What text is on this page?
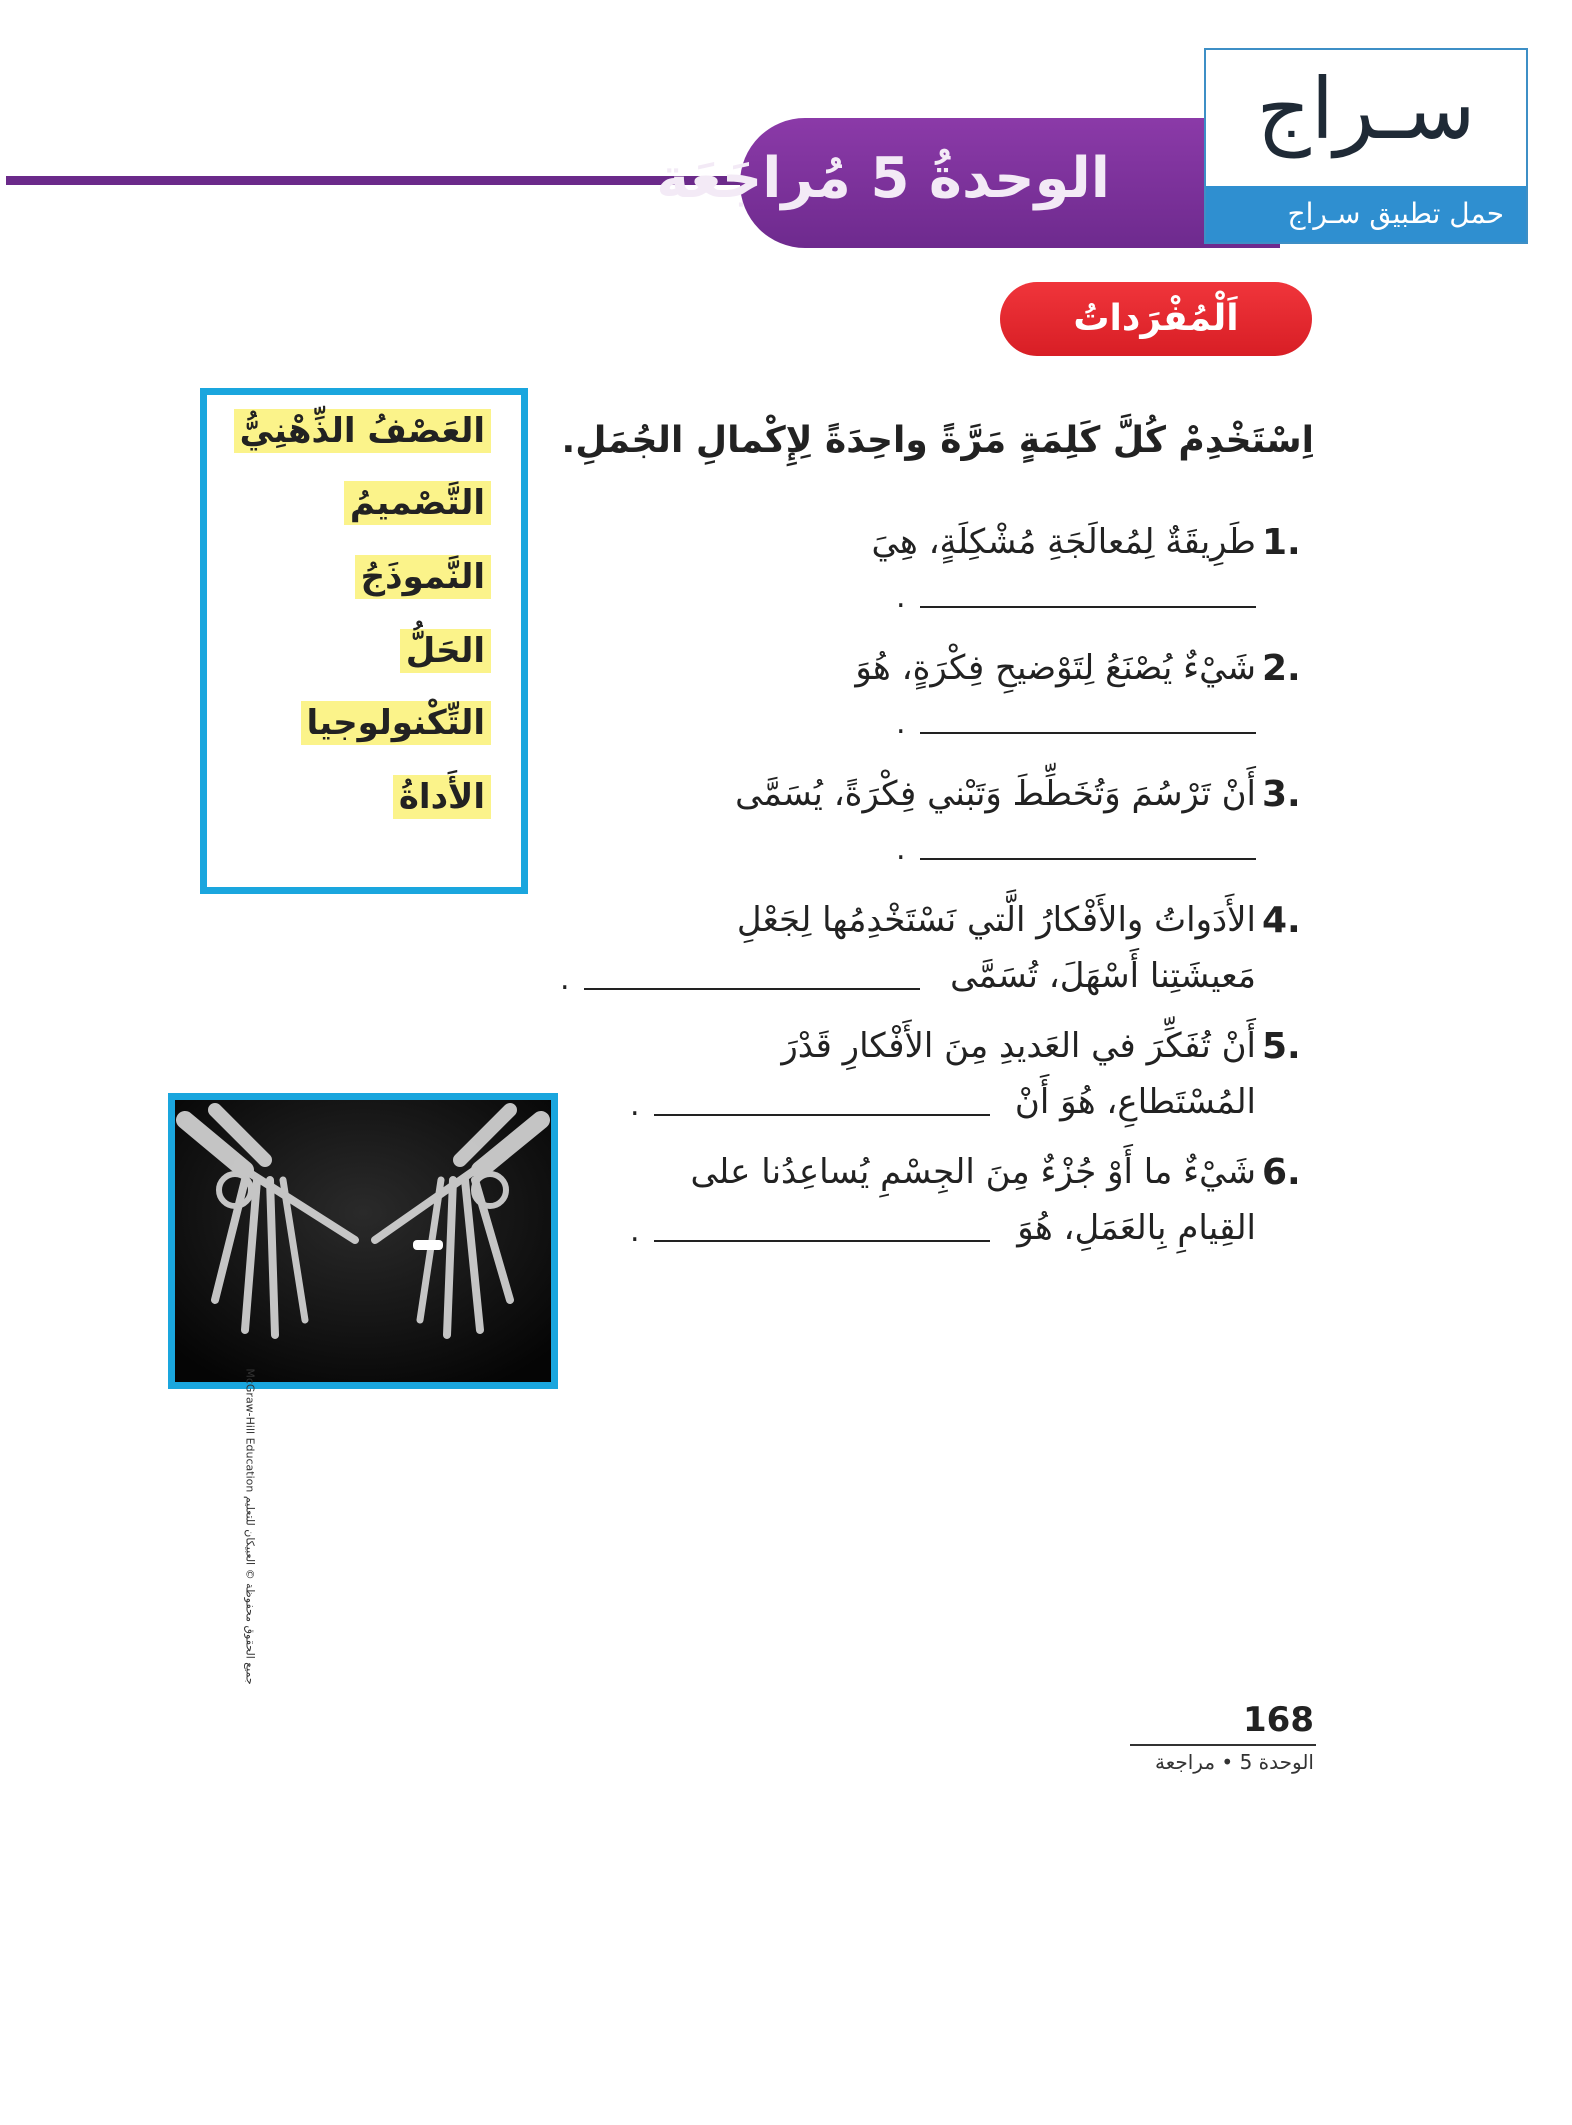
الوحدةُ 5 مُراجَعَة
سـراج
حمل تطبيق سـراج
اَلْمُفْرَداتُ
العَصْفُ الذِّهْنِيُّ
التَّصْميمُ
النَّموذَجُ
الحَلُّ
التِّكْنولوجيا
الأَداةُ
اِسْتَخْدِمْ كُلَّ كَلِمَةٍ مَرَّةً واحِدَةً لِإِكْمالِ الجُمَلِ.
1.
طَرِيقَةٌ لِمُعالَجَةِ مُشْكِلَةٍ، هِيَ
.
2.
شَيْءٌ يُصْنَعُ لِتَوْضيحِ فِكْرَةٍ، هُوَ
.
3.
أَنْ تَرْسُمَ وَتُخَطِّطَ وَتَبْني فِكْرَةً، يُسَمَّى
.
4.
الأَدَواتُ والأَفْكارُ الَّتي نَسْتَخْدِمُها لِجَعْلِ
مَعيشَتِنا أَسْهَلَ، تُسَمَّى
.
5.
أَنْ تُفَكِّرَ في العَديدِ مِنَ الأَفْكارِ قَدْرَ
المُسْتَطاعِ، هُوَ أَنْ
.
6.
شَيْءٌ ما أَوْ جُزْءٌ مِنَ الجِسْمِ يُساعِدُنا على
القِيامِ بِالعَمَلِ، هُوَ
.
McGraw-Hill Education جميع الحقوق محفوظة © العبيكان للتعليم
168
الوحدة 5 • مراجعة
